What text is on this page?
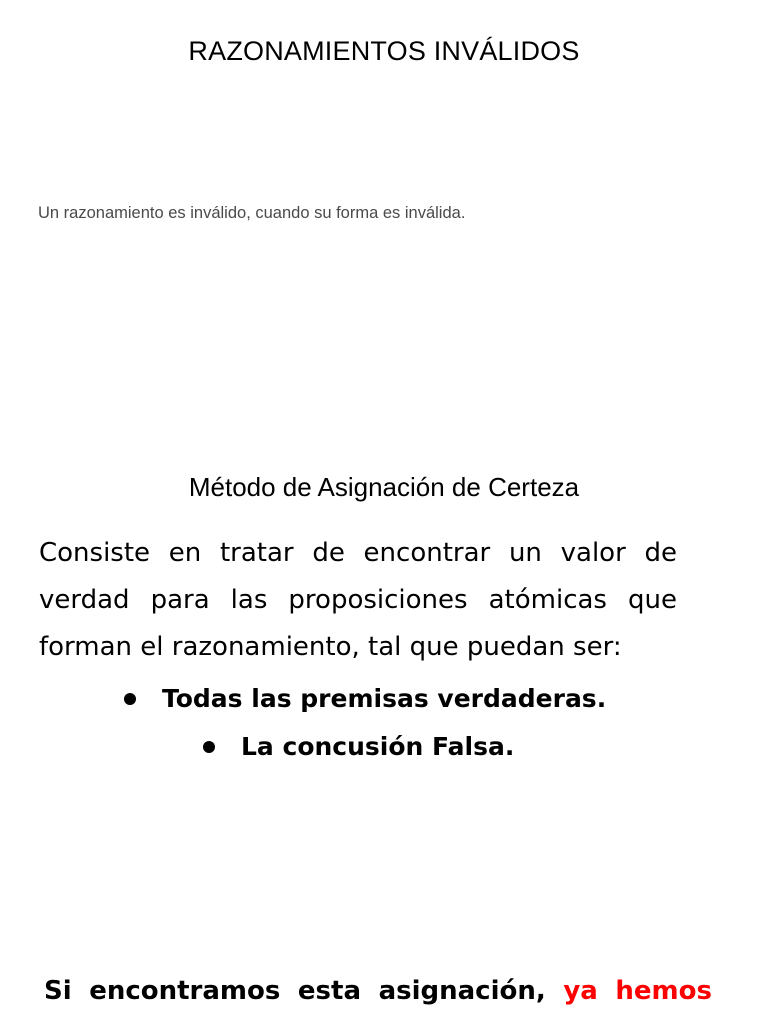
RAZONAMIENTOS INVÁLIDOS
Un razonamiento es inválido, cuando su forma es inválida.
Método de Asignación de Certeza
Consiste en tratar de encontrar un valor de verdad para las proposiciones atómicas que forman el razonamiento, tal que puedan ser:
Todas las premisas verdaderas.
La concusión Falsa.
Si encontramos esta asignación, ya hemos
